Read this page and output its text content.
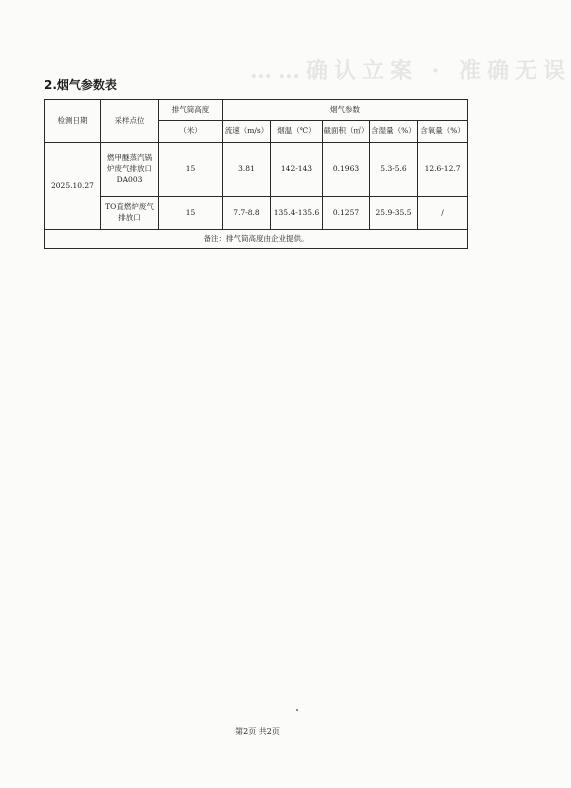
……确认立案 · 准确无误
2.烟气参数表
检测日期	采样点位	排气筒高度	烟气参数				
		（米）	流速（m/s）	烟温（℃）	截面积（㎡）	含湿量（%）	含氧量（%）
2025.10.27	燃甲醚蒸汽锅
炉废气排放口
DA003	15	3.81	142-143	0.1963	5.3-5.6	12.6-12.7

	TO直燃炉废气
排放口	15	7.7-8.8	135.4-135.6	0.1257	25.9-35.5	/
备注：排气筒高度由企业提供。							
第2页 共2页
